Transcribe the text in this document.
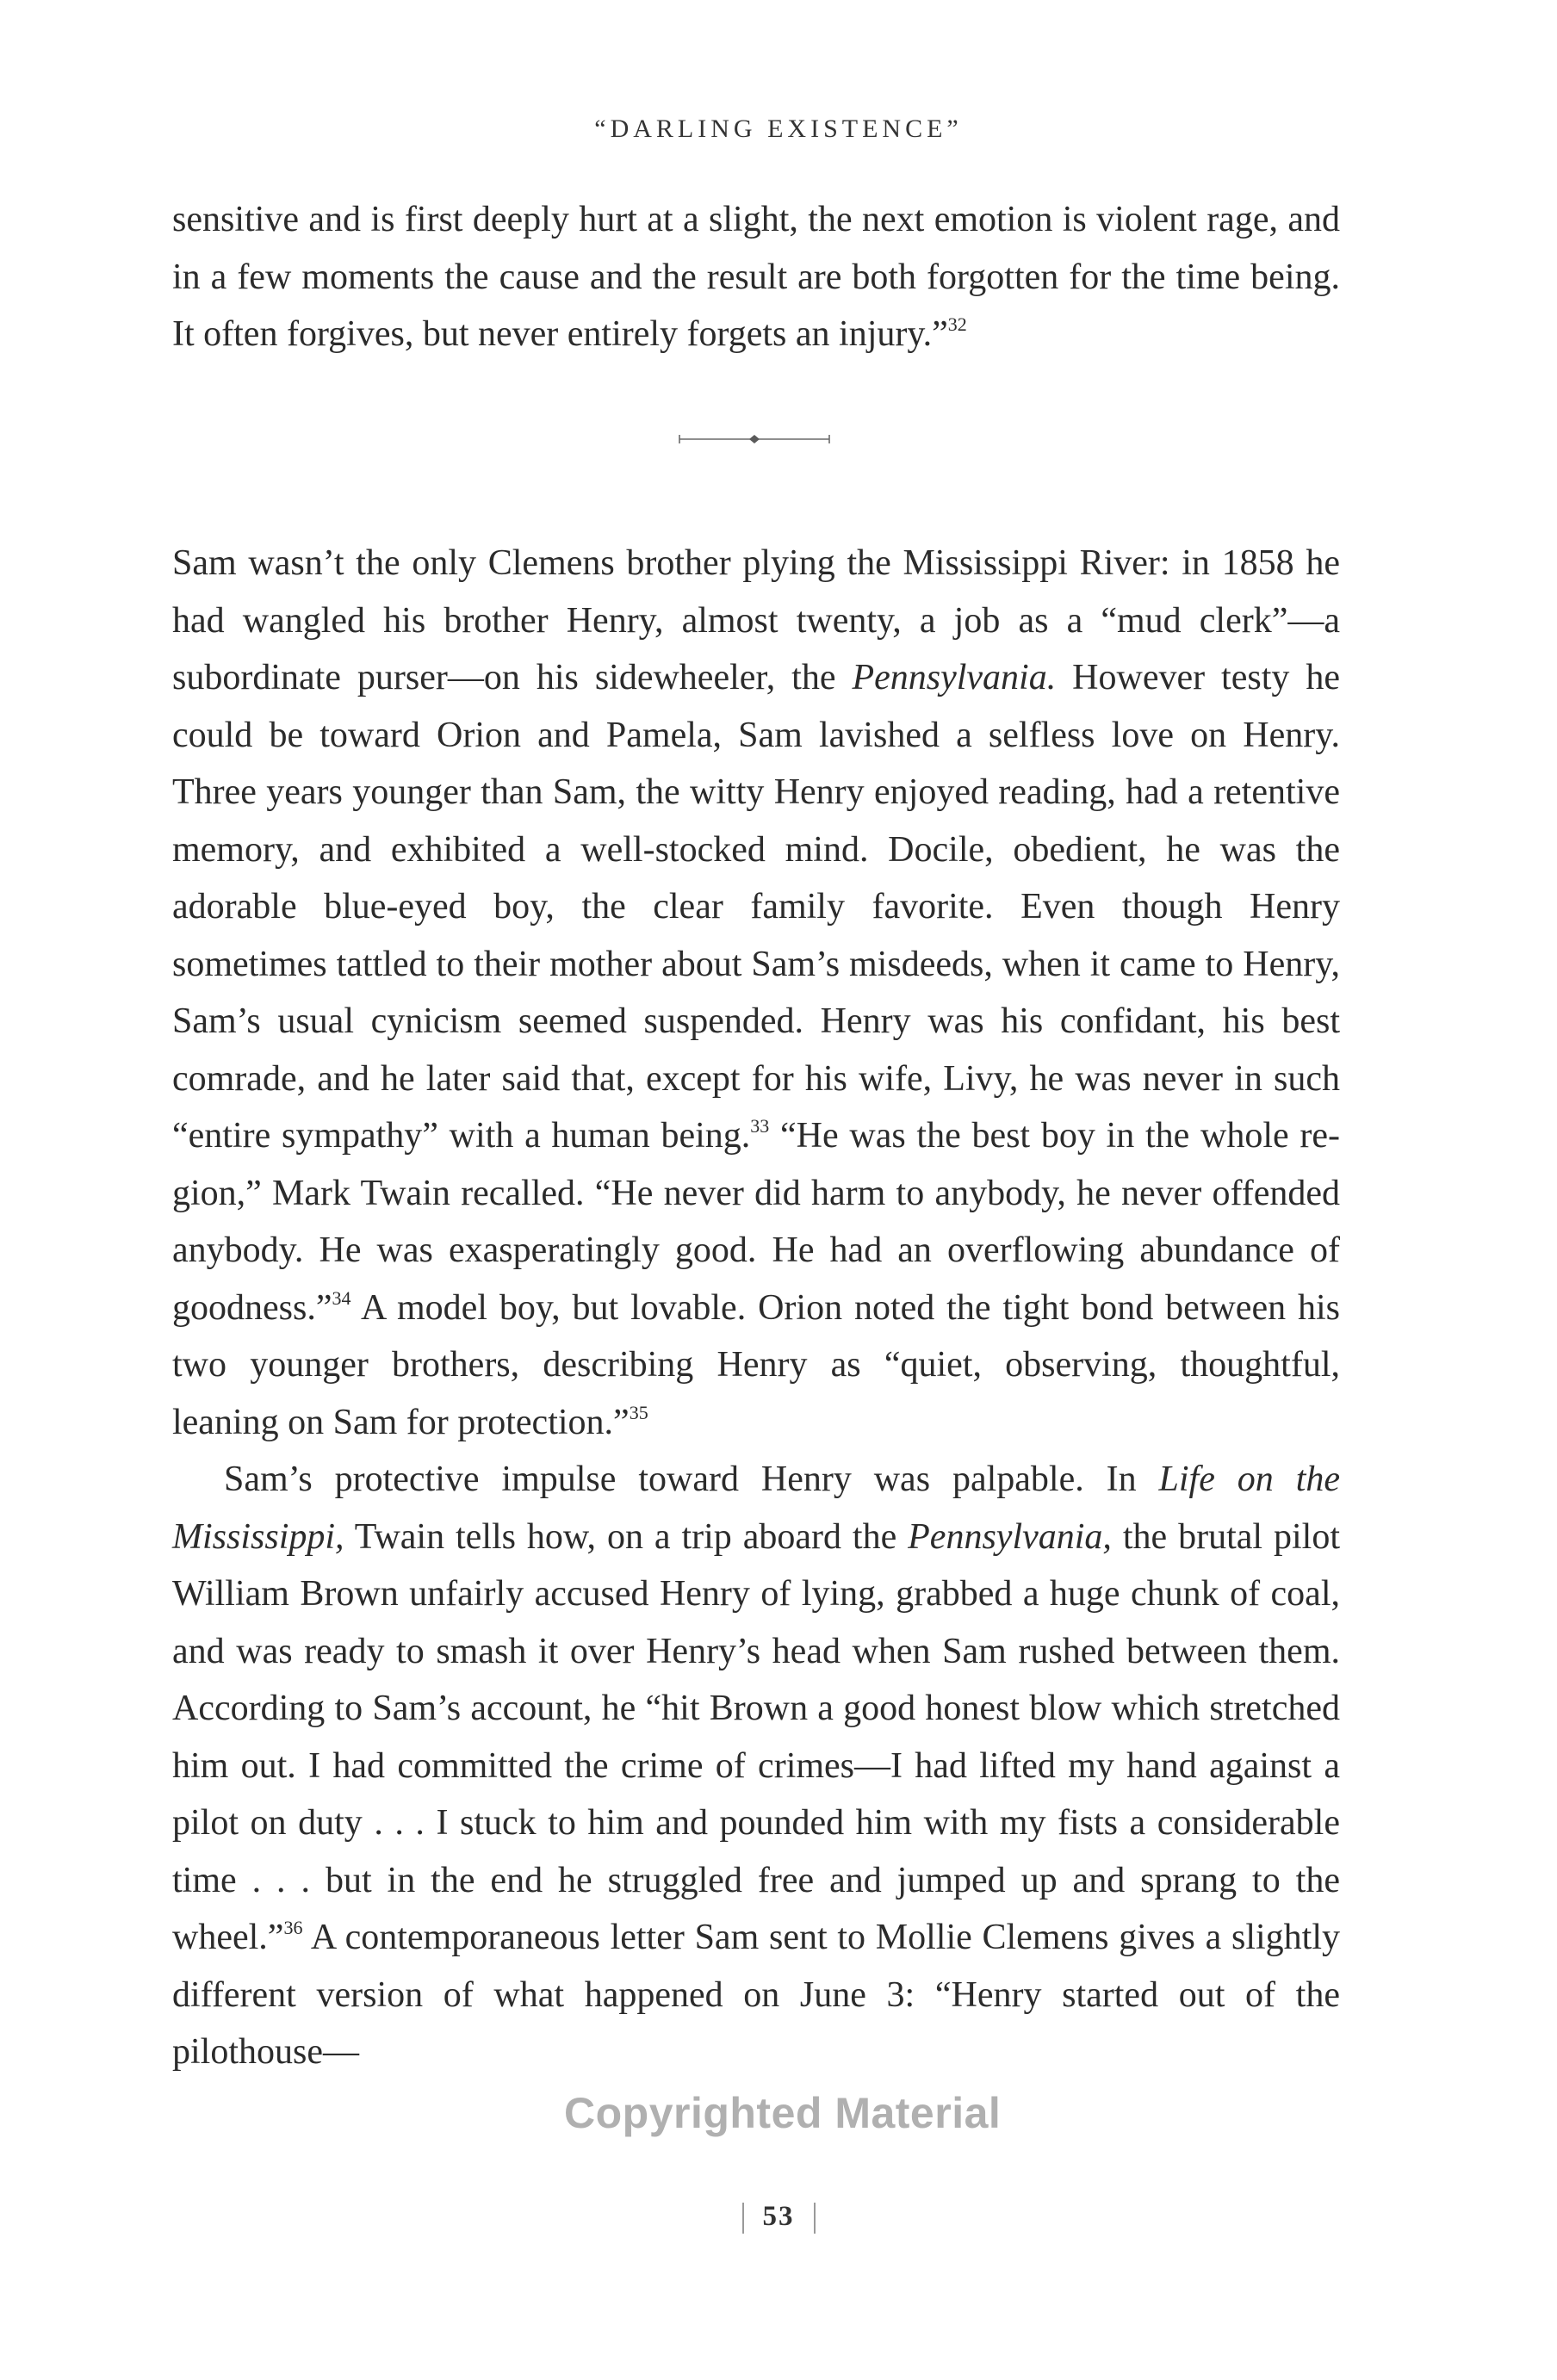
“DARLING EXISTENCE”

sensitive and is first deeply hurt at a slight, the next emotion is violent rage, and in a few moments the cause and the result are both forgotten for the time being. It often forgives, but never entirely forgets an injury.”$^{32}$

Sam wasn’t the only Clemens brother plying the Mississippi River: in 1858 he had wangled his brother Henry, almost twenty, a job as a “mud clerk”—a subordinate purser—on his sidewheeler, the Pennsylvania. However testy he could be toward Orion and Pamela, Sam lavished a selfless love on Henry. Three years younger than Sam, the witty Henry enjoyed reading, had a retentive memory, and exhibited a well-stocked mind. Docile, obedient, he was the adorable blue-eyed boy, the clear family favorite. Even though Henry sometimes tattled to their mother about Sam’s misdeeds, when it came to Henry, Sam’s usual cynicism seemed suspended. Henry was his confidant, his best comrade, and he later said that, except for his wife, Livy, he was never in such “entire sympathy” with a human being.$^{33}$ “He was the best boy in the whole region,” Mark Twain recalled. “He never did harm to anybody, he never offended anybody. He was exasperatingly good. He had an overflowing abundance of goodness.”$^{34}$ A model boy, but lovable. Orion noted the tight bond between his two younger brothers, describing Henry as “quiet, observing, thoughtful, leaning on Sam for protection.”$^{35}$

Sam’s protective impulse toward Henry was palpable. In Life on the Mississippi, Twain tells how, on a trip aboard the Pennsylvania, the brutal pilot William Brown unfairly accused Henry of lying, grabbed a huge chunk of coal, and was ready to smash it over Henry’s head when Sam rushed between them. According to Sam’s account, he “hit Brown a good honest blow which stretched him out. I had committed the crime of crimes—I had lifted my hand against a pilot on duty . . . I stuck to him and pounded him with my fists a considerable time . . . but in the end he struggled free and jumped up and sprang to the wheel.”$^{36}$ A contemporaneous letter Sam sent to Mollie Clemens gives a slightly different version of what happened on June 3: “Henry started out of the pilothouse—

Copyrighted Material
53
